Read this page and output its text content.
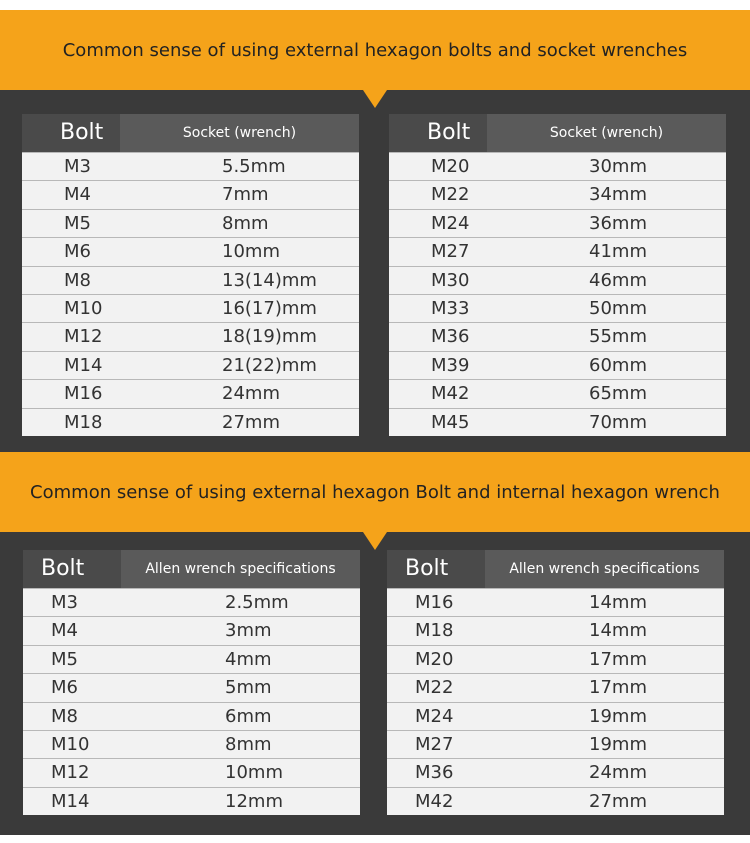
Common sense of using external hexagon bolts and socket wrenches
Bolt	Socket (wrench)
M3	5.5mm
M4	7mm
M5	8mm
M6	10mm
M8	13(14)mm
M10	16(17)mm
M12	18(19)mm
M14	21(22)mm
M16	24mm
M18	27mm
Bolt	Socket (wrench)
M20	30mm
M22	34mm
M24	36mm
M27	41mm
M30	46mm
M33	50mm
M36	55mm
M39	60mm
M42	65mm
M45	70mm
Common sense of using external hexagon Bolt and internal hexagon wrench
Bolt	Allen wrench specifications
M3	2.5mm
M4	3mm
M5	4mm
M6	5mm
M8	6mm
M10	8mm
M12	10mm
M14	12mm
Bolt	Allen wrench specifications
M16	14mm
M18	14mm
M20	17mm
M22	17mm
M24	19mm
M27	19mm
M36	24mm
M42	27mm
